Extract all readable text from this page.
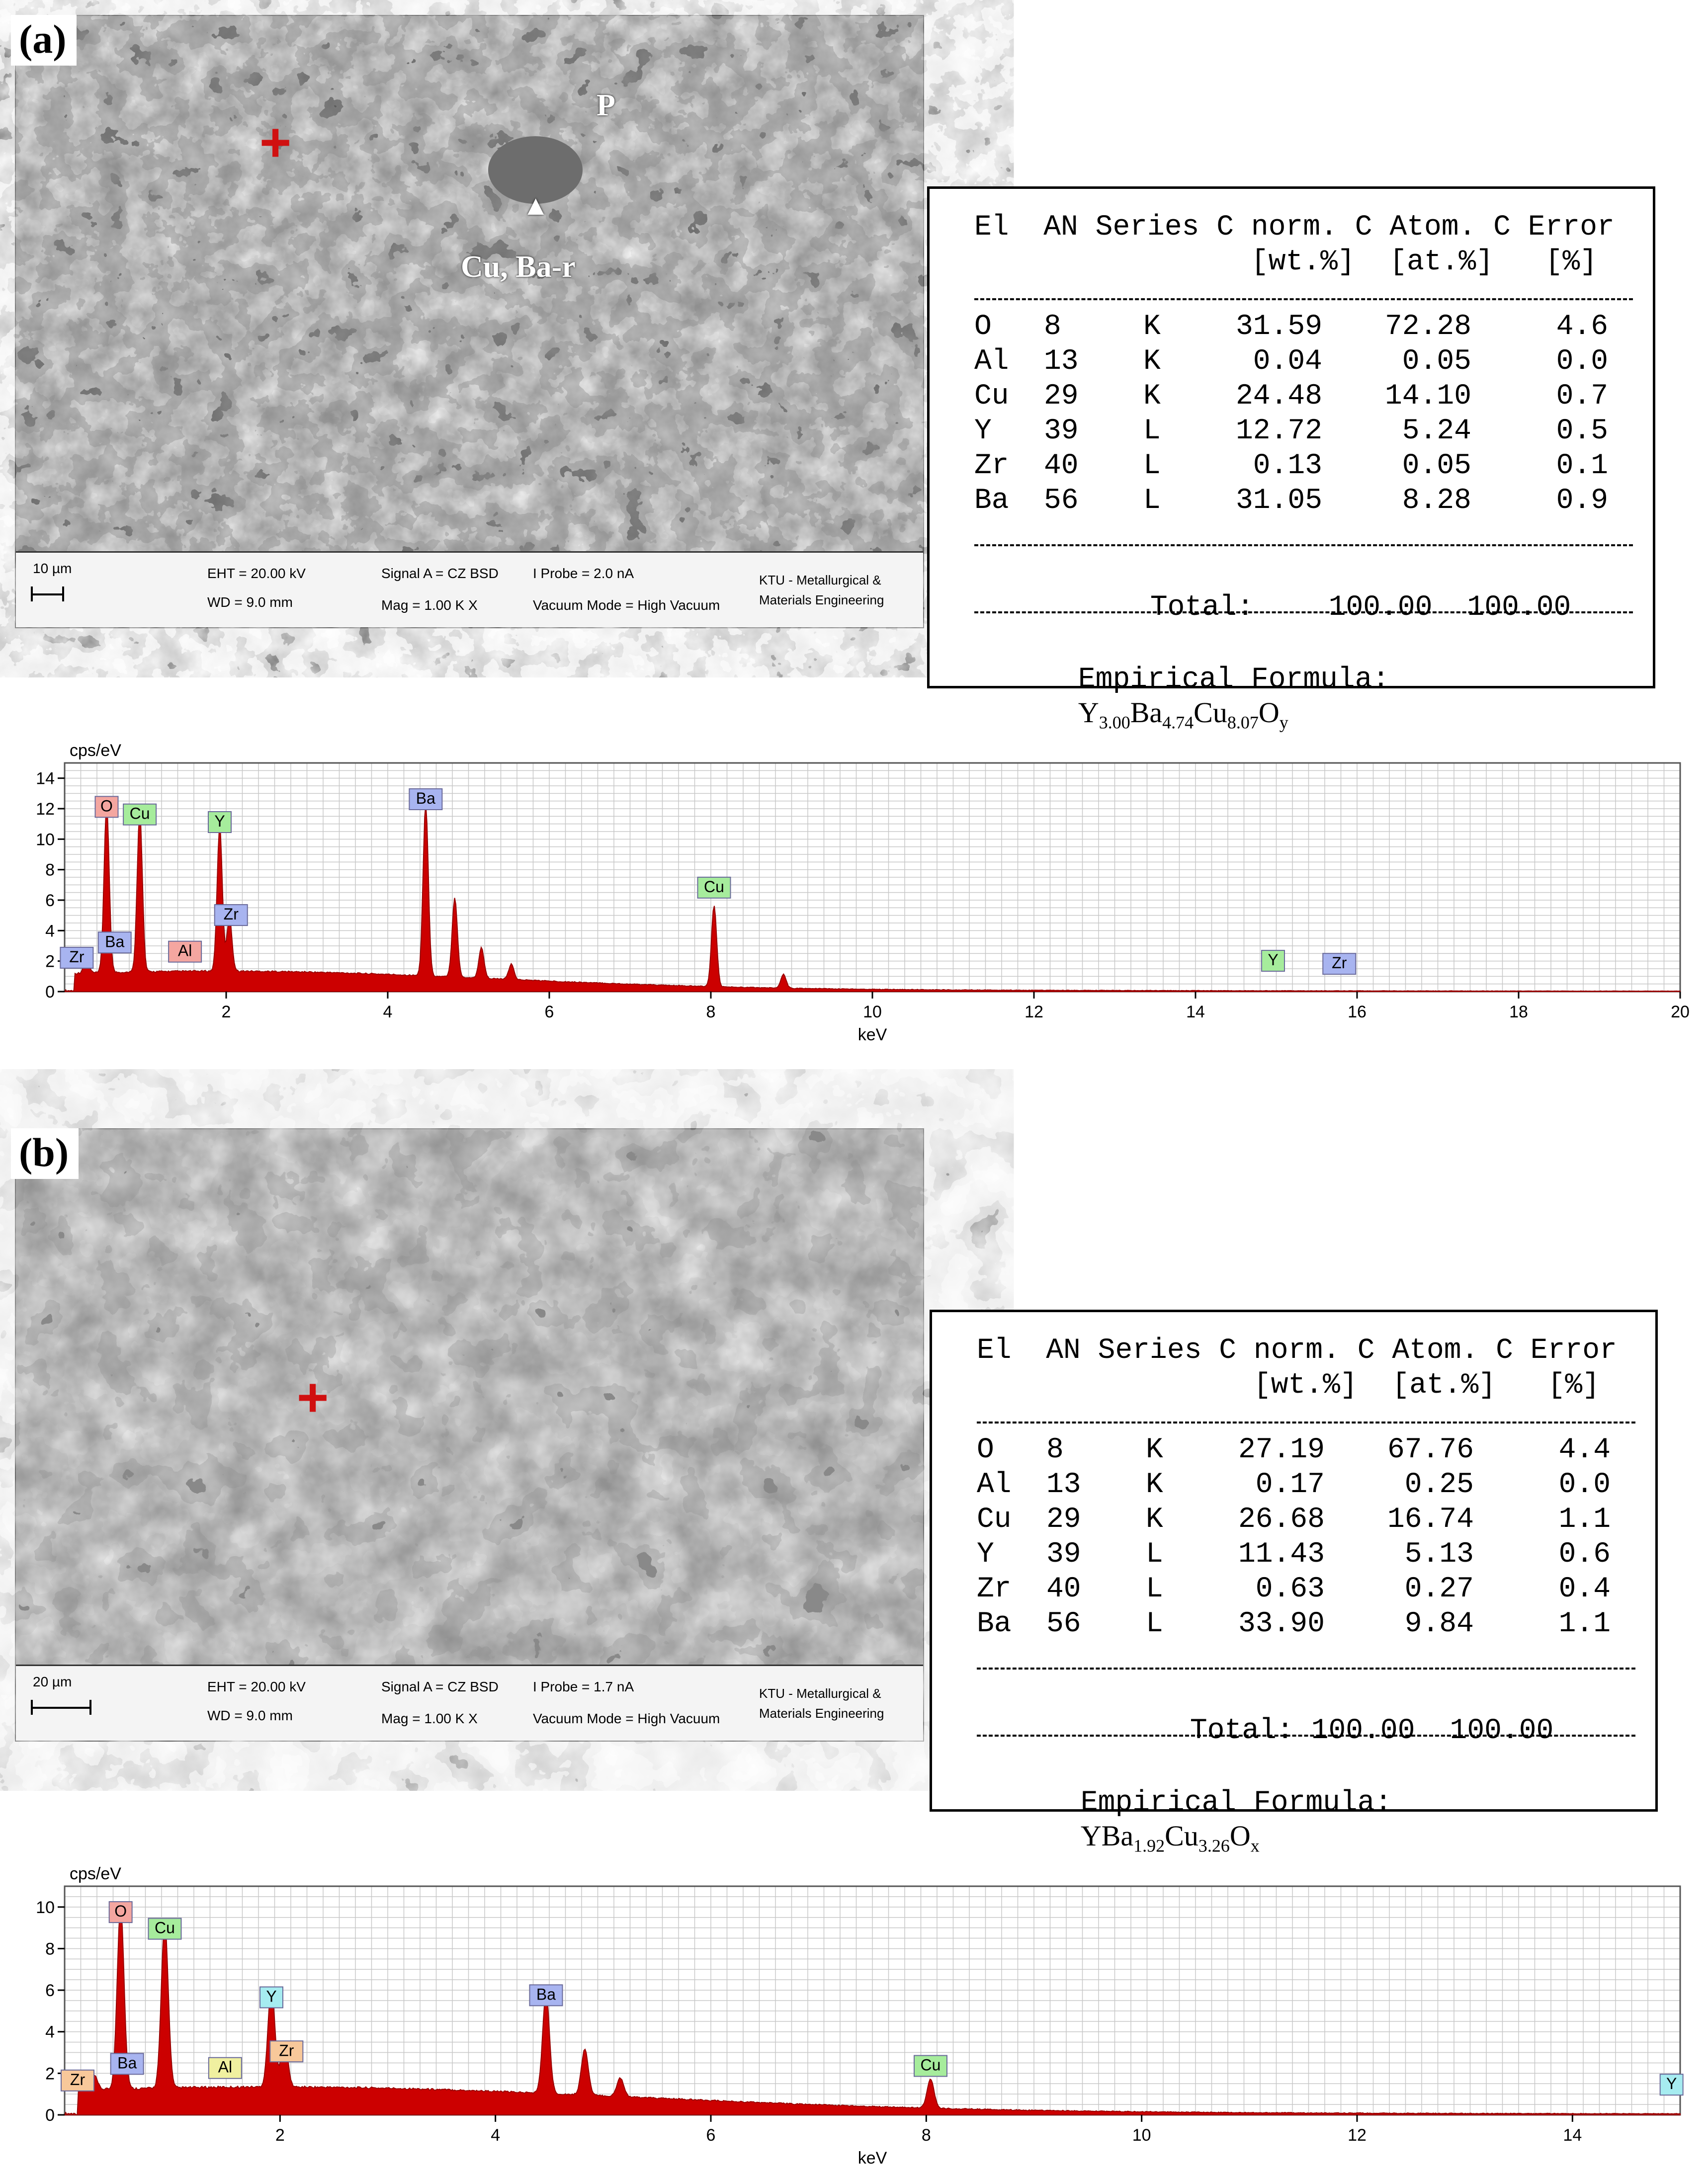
P
▲
Cu, Ba-r
+
10 µm	EHT = 20.00 kV
WD = 9.0 mm
Signal A = CZ BSD I Probe = 2.0 nA
Mag = 1.00 K X	Vacuum Mode = High Vacuum
KTU - Metallurgical &
Materials Engineering
(a)
El  AN Series C norm. C Atom. C Error
[wt.%]  [at.%]   [%]
O 8	K	31.59 72.28	4.6
Al 13 K	0.04	0.05	0.0
Cu 29 K	24.48 14.10	0.7
Y 39 L	12.72	5.24	0.5
Zr 40 L	0.13	0.05	0.1
Ba 56 L	31.05	8.28	0.9

Total:	100.00 100.00

Empirical Formula:
$Y_{3.00}Ba_{4.74}Cu_{8.07}O_y$

0
2
4
6
8
10
12
14
2	4	6	8	10	12	14	16	18	20
cps/eV
keV
O Cu	Y
Ba
Cu
Zr
Ba
Al
Zr
Y	Zr
+
20 µm	EHT = 20.00 kV
WD = 9.0 mm
Signal A = CZ BSD I Probe = 1.7 nA
Mag = 1.00 K X	Vacuum Mode = High Vacuum
KTU - Metallurgical &
Materials Engineering
(b)
El  AN Series C norm. C Atom. C Error
[wt.%]  [at.%]   [%]
O 8	K	27.19 67.76	4.4
Al 13 K	0.17	0.25	0.0
Cu 29 K	26.68 16.74	1.1
Y 39 L	11.43	5.13	0.6
Zr 40 L	0.63	0.27	0.4
Ba 56 L	33.90	9.84	1.1

Total: 100.00 100.00

Empirical Formula:
$YBa_{1.92}Cu_{3.26}O_x$

0
2
4
6
8
10
2	4	6	8	10	12	14
cps/eV
keV
O
Cu
Y	Ba
Cu
Zr
Ba	Al
Zr
Y
